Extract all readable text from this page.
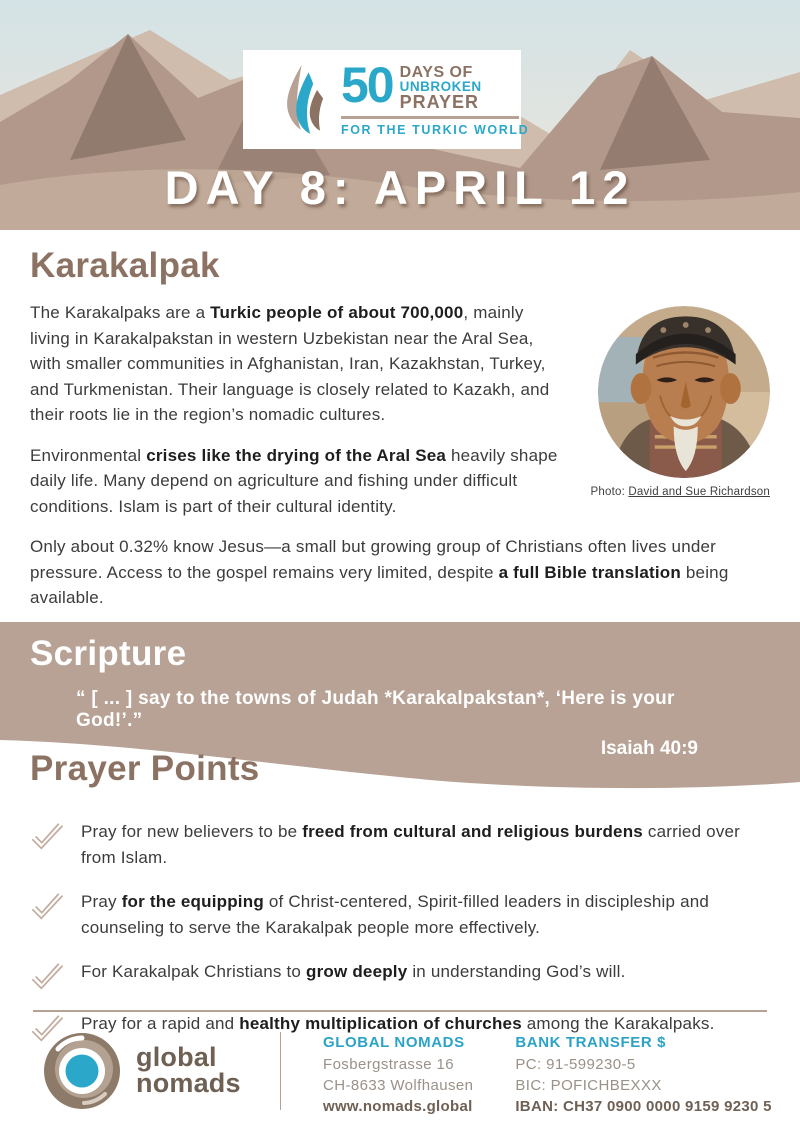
50 DAYS OF
UNBROKEN
PRAYER
FOR THE TURKIC WORLD
DAY 8: APRIL 12
Karakalpak
Photo: David and Sue Richardson

The Karakalpaks are a Turkic people of about 700,000, mainly living in Karakalpakstan in western Uzbekistan near the Aral Sea, with smaller communities in Afghanistan, Iran, Kazakhstan, Turkey, and Turkmenistan. Their language is closely related to Kazakh, and their roots lie in the region’s nomadic cultures.

Environmental crises like the drying of the Aral Sea heavily shape daily life. Many depend on agriculture and fishing under difficult conditions. Islam is part of their cultural identity.

Only about 0.32% know Jesus—a small but growing group of Christians often lives under pressure. Access to the gospel remains very limited, despite a full Bible translation being available.

Scripture
“ [ ... ] say to the towns of Judah *Karakalpakstan*, ‘Here is your God!’.”
Isaiah 40:9
Prayer Points
Pray for new believers to be freed from cultural and religious burdens carried over from Islam.
Pray for the equipping of Christ-centered, Spirit-filled leaders in discipleship and counseling to serve the Karakalpak people more effectively.
For Karakalpak Christians to grow deeply in understanding God’s will.
Pray for a rapid and healthy multiplication of churches among the Karakalpaks.
global
nomads
GLOBAL NOMADS
Fosbergstrasse 16
CH-8633 Wolfhausen
www.nomads.global
BANK TRANSFER $
PC: 91-599230-5
BIC: POFICHBEXXX
IBAN: CH37 0900 0000 9159 9230 5
